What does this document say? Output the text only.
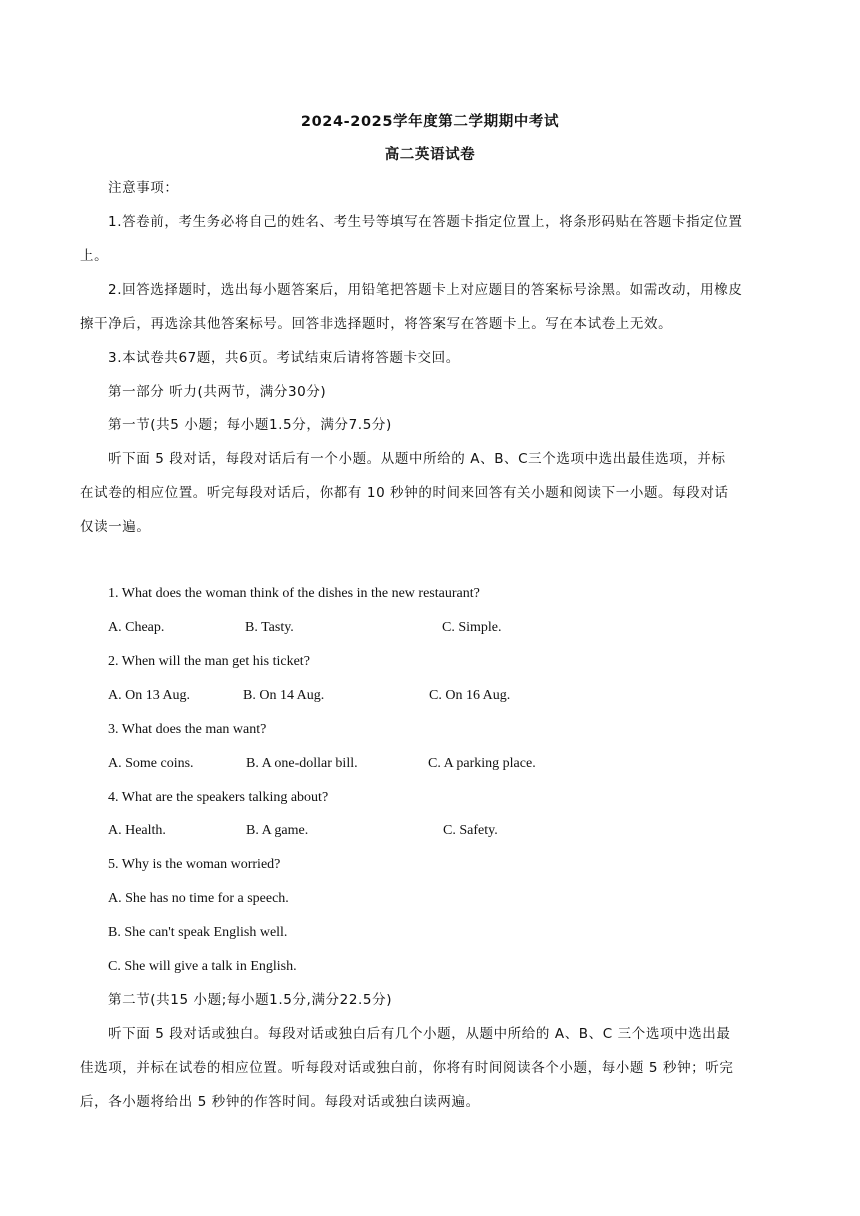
2024-2025学年度第二学期期中考试
高二英语试卷
注意事项：
1.答卷前，考生务必将自己的姓名、考生号等填写在答题卡指定位置上，将条形码贴在答题卡指定位置
上。
2.回答选择题时，选出每小题答案后，用铅笔把答题卡上对应题目的答案标号涂黑。如需改动，用橡皮
擦干净后，再选涂其他答案标号。回答非选择题时，将答案写在答题卡上。写在本试卷上无效。
3.本试卷共67题，共6页。考试结束后请将答题卡交回。
第一部分 听力(共两节，满分30分)
第一节(共5 小题；每小题1.5分，满分7.5分)
听下面 5 段对话，每段对话后有一个小题。从题中所给的 A、B、C三个选项中选出最佳选项，并标
在试卷的相应位置。听完每段对话后，你都有 10 秒钟的时间来回答有关小题和阅读下一小题。每段对话
仅读一遍。
1. What does the woman think of the dishes in the new restaurant?
A. Cheap.	B. Tasty.	C. Simple.
2. When will the man get his ticket?
A. On 13 Aug.	B. On 14 Aug.	C. On 16 Aug.
3. What does the man want?
A. Some coins.	B. A one-dollar bill.	C. A parking place.
4. What are the speakers talking about?
A. Health.	B. A game.	C. Safety.
5. Why is the woman worried?
A. She has no time for a speech.
B. She can't speak English well.
C. She will give a talk in English.
第二节(共15 小题;每小题1.5分,满分22.5分)
听下面 5 段对话或独白。每段对话或独白后有几个小题，从题中所给的 A、B、C 三个选项中选出最
佳选项，并标在试卷的相应位置。听每段对话或独白前，你将有时间阅读各个小题，每小题 5 秒钟；听完
后，各小题将给出 5 秒钟的作答时间。每段对话或独白读两遍。
